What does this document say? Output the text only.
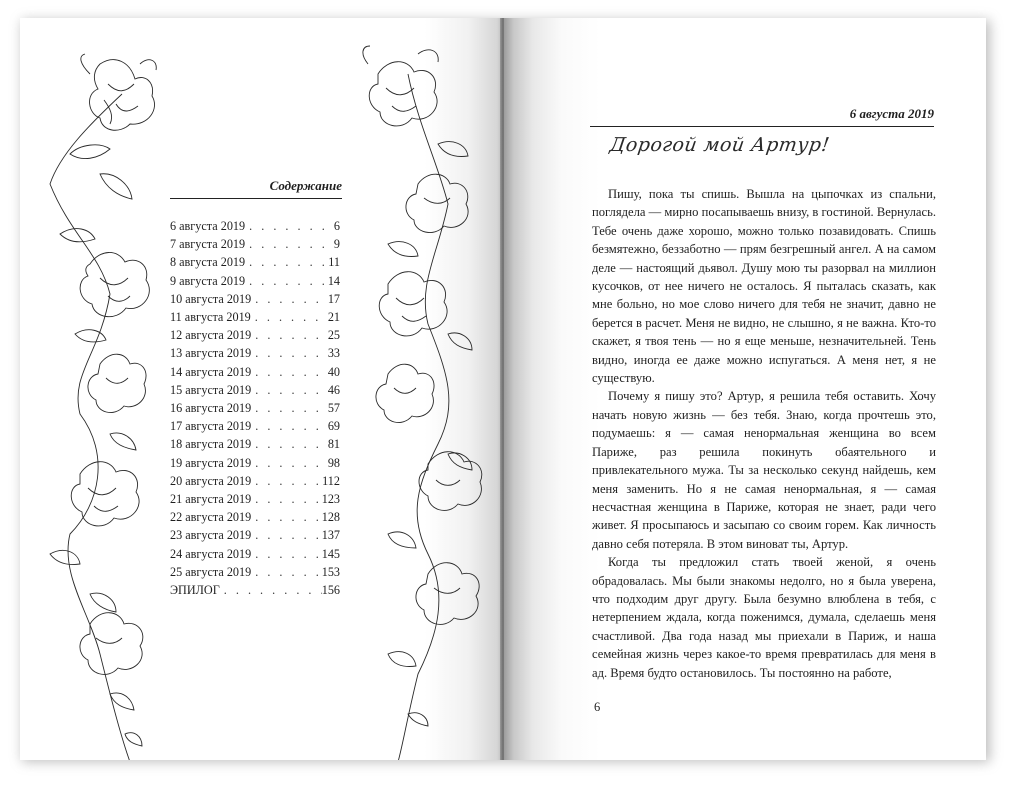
Содержание
6 августа 2019 . . .	6
7 августа 2019 . . .	9
8 августа 2019 . . .	11
9 августа 2019 . . .	14
10 августа 2019 . . .	17
11 августа 2019 . . .	21
12 августа 2019 . . .	25
13 августа 2019 . . .	33
14 августа 2019 . . .	40
15 августа 2019 . . .	46
16 августа 2019 . . .	57
17 августа 2019 . . .	69
18 августа 2019 . . .	81
19 августа 2019 . . .	98
20 августа 2019 . . .	112
21 августа 2019 . . .	123
22 августа 2019 . . .	128
23 августа 2019 . . .	137
24 августа 2019 . . .	145
25 августа 2019 . . .	153
ЭПИЛОГ . . .	156
6 августа 2019
Дорогой мой Артур!

Пишу, пока ты спишь. Вышла на цыпочках из спальни, поглядела — мирно посапываешь внизу, в гостиной. Вернулась. Тебе очень даже хорошо, можно только позавидовать. Спишь безмятежно, беззаботно — прям безгрешный ангел. А на самом деле — настоящий дьявол. Душу мою ты разорвал на миллион кусочков, от нее ничего не осталось. Я пыталась сказать, как мне больно, но мое слово ничего для тебя не значит, давно не берется в расчет. Меня не видно, не слышно, я не важна. Кто-то скажет, я твоя тень — но я еще меньше, незначительней. Тень видно, иногда ее даже можно испугаться. А меня нет, я не существую.

Почему я пишу это? Артур, я решила тебя оставить. Хочу начать новую жизнь — без тебя. Знаю, когда прочтешь это, подумаешь: я — самая ненормальная женщина во всем Париже, раз решила покинуть обаятельного и привлекательного мужа. Ты за несколько секунд найдешь, кем меня заменить. Но я не самая ненормальная, я — самая несчастная женщина в Париже, которая не знает, ради чего живет. Я просыпаюсь и засыпаю со своим горем. Как личность давно себя потеряла. В этом виноват ты, Артур.

Когда ты предложил стать твоей женой, я очень обрадовалась. Мы были знакомы недолго, но я была уверена, что подходим друг другу. Была безумно влюблена в тебя, с нетерпением ждала, когда поженимся, думала, сделаешь меня счастливой. Два года назад мы приехали в Париж, и наша семейная жизнь через какое-то время превратилась для меня в ад. Время будто остановилось. Ты постоянно на работе,

6
